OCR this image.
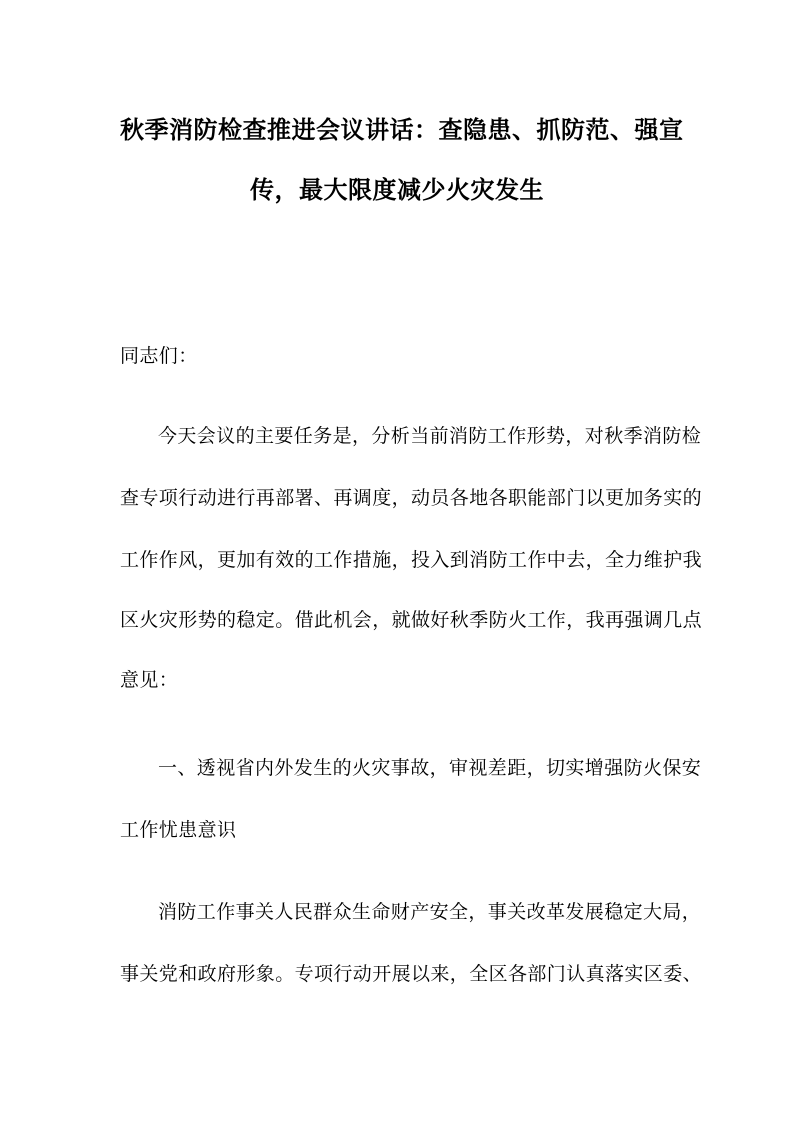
秋季消防检查推进会议讲话：查隐患、抓防范、强宣
传，最大限度减少火灾发生
同志们：
今天会议的主要任务是，分析当前消防工作形势，对秋季消防检
查专项行动进行再部署、再调度，动员各地各职能部门以更加务实的
工作作风，更加有效的工作措施，投入到消防工作中去，全力维护我
区火灾形势的稳定。借此机会，就做好秋季防火工作，我再强调几点
意见：
一、透视省内外发生的火灾事故，审视差距，切实增强防火保安
工作忧患意识
消防工作事关人民群众生命财产安全，事关改革发展稳定大局，
事关党和政府形象。专项行动开展以来，全区各部门认真落实区委、
